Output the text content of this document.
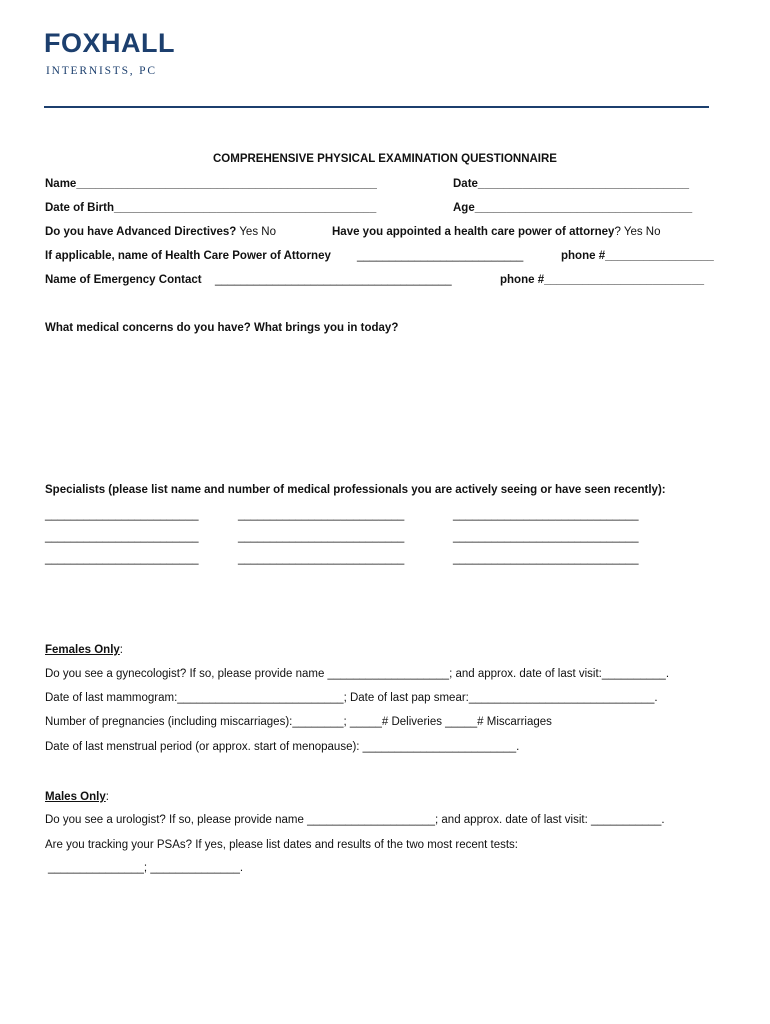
FOXHALL
INTERNISTS, PC
COMPREHENSIVE PHYSICAL EXAMINATION QUESTIONNAIRE
Name_______________________________________________	Date_________________________________
Date of Birth_________________________________________	Age__________________________________
Do you have Advanced Directives? Yes No	Have you appointed a health care power of attorney? Yes No
If applicable, name of Health Care Power of Attorney __________________________	phone #_________________
Name of Emergency Contact _____________________________________	phone #_________________________
What medical concerns do you have? What brings you in today?
Specialists (please list name and number of medical professionals you are actively seeing or have seen recently):
________________________	__________________________	_____________________________
________________________	__________________________	_____________________________
________________________	__________________________	_____________________________
Females Only:
Do you see a gynecologist? If so, please provide name ___________________; and approx. date of last visit:__________.
Date of last mammogram:__________________________; Date of last pap smear:_____________________________.
Number of pregnancies (including miscarriages):________; _____# Deliveries _____# Miscarriages
Date of last menstrual period (or approx. start of menopause): ________________________.
Males Only:
Do you see a urologist? If so, please provide name ____________________; and approx. date of last visit: ___________.
Are you tracking your PSAs? If yes, please list dates and results of the two most recent tests:
_______________; ______________.
